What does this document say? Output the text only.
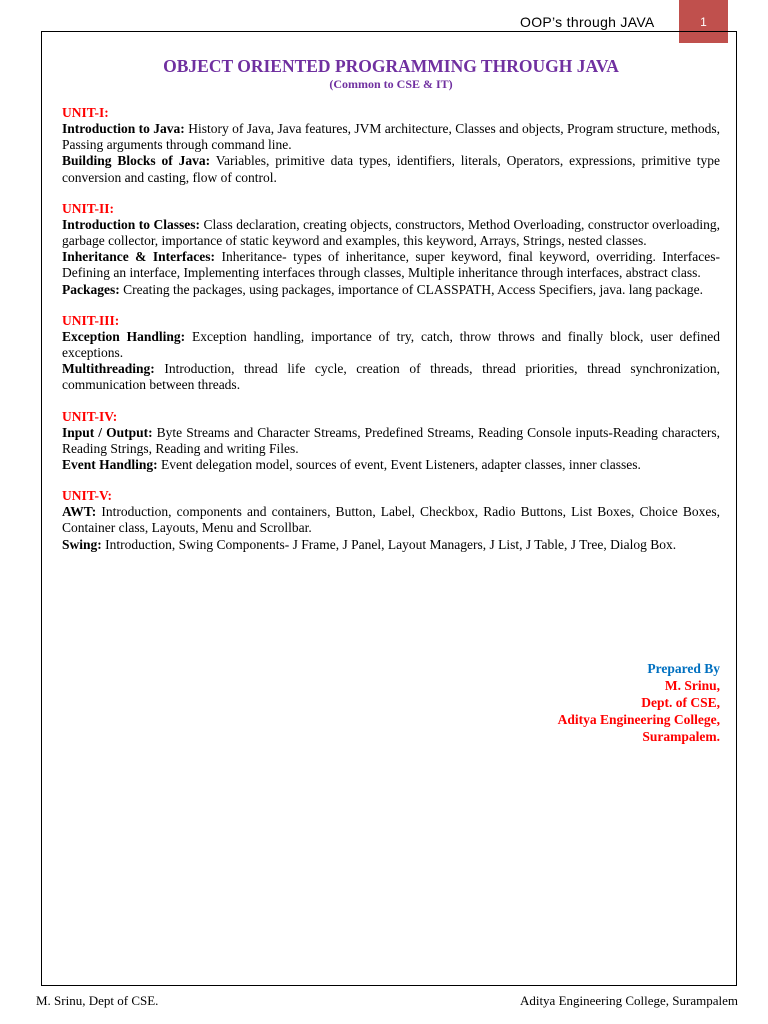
OOP’s through JAVA	1
OBJECT ORIENTED PROGRAMMING THROUGH JAVA
(Common to CSE & IT)
UNIT-I:

Introduction to Java: History of Java, Java features, JVM architecture, Classes and objects, Program structure, methods, Passing arguments through command line.

Building Blocks of Java: Variables, primitive data types, identifiers, literals, Operators, expressions, primitive type conversion and casting, flow of control.

UNIT-II:

Introduction to Classes: Class declaration, creating objects, constructors, Method Overloading, constructor overloading, garbage collector, importance of static keyword and examples, this keyword, Arrays, Strings, nested classes.

Inheritance & Interfaces: Inheritance- types of inheritance, super keyword, final keyword, overriding. Interfaces- Defining an interface, Implementing interfaces through classes, Multiple inheritance through interfaces, abstract class.

Packages: Creating the packages, using packages, importance of CLASSPATH, Access Specifiers, java. lang package.

UNIT-III:

Exception Handling: Exception handling, importance of try, catch, throw throws and finally block, user defined exceptions.

Multithreading: Introduction, thread life cycle, creation of threads, thread priorities, thread synchronization, communication between threads.

UNIT-IV:

Input / Output: Byte Streams and Character Streams, Predefined Streams, Reading Console inputs-Reading characters, Reading Strings, Reading and writing Files.

Event Handling: Event delegation model, sources of event, Event Listeners, adapter classes, inner classes.

UNIT-V:

AWT: Introduction, components and containers, Button, Label, Checkbox, Radio Buttons, List Boxes, Choice Boxes, Container class, Layouts, Menu and Scrollbar.

Swing: Introduction, Swing Components- J Frame, J Panel, Layout Managers, J List, J Table, J Tree, Dialog Box.

Prepared By
M. Srinu,
Dept. of CSE,
Aditya Engineering College,
Surampalem.
M. Srinu, Dept of CSE.	Aditya Engineering College, Surampalem
